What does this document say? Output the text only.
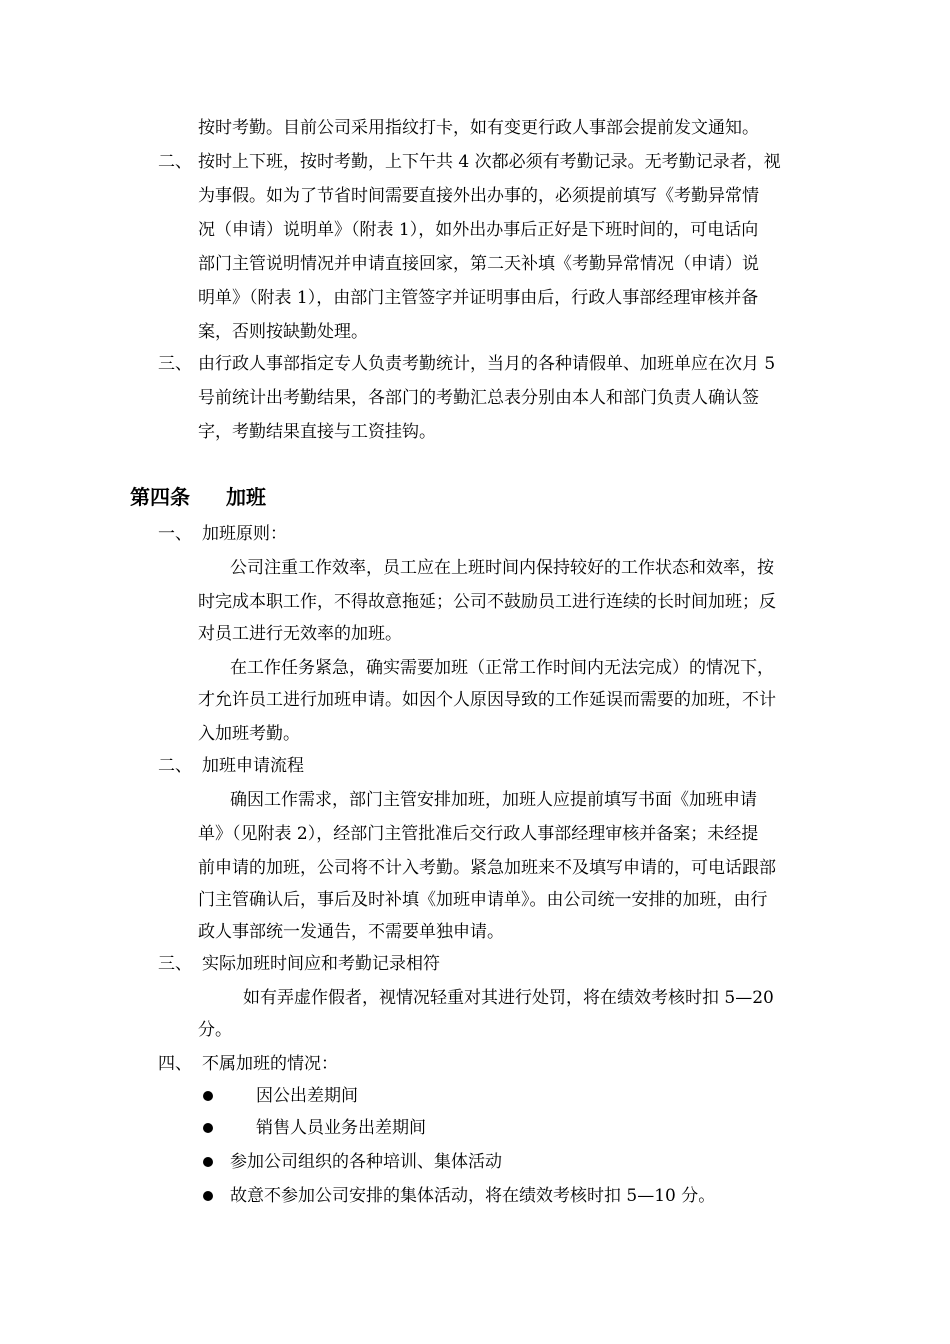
按时考勤。目前公司采用指纹打卡，如有变更行政人事部会提前发文通知。
二、 按时上下班，按时考勤，上下午共 4 次都必须有考勤记录。无考勤记录者，视
为事假。如为了节省时间需要直接外出办事的，必须提前填写《考勤异常情
况（申请）说明单》（附表 1），如外出办事后正好是下班时间的，可电话向
部门主管说明情况并申请直接回家，第二天补填《考勤异常情况（申请）说
明单》（附表 1），由部门主管签字并证明事由后，行政人事部经理审核并备
案，否则按缺勤处理。
三、 由行政人事部指定专人负责考勤统计，当月的各种请假单、加班单应在次月 5
号前统计出考勤结果，各部门的考勤汇总表分别由本人和部门负责人确认签
字，考勤结果直接与工资挂钩。
第四条 加班
一、 加班原则：
公司注重工作效率，员工应在上班时间内保持较好的工作状态和效率，按
时完成本职工作，不得故意拖延；公司不鼓励员工进行连续的长时间加班；反
对员工进行无效率的加班。
在工作任务紧急，确实需要加班（正常工作时间内无法完成）的情况下，
才允许员工进行加班申请。如因个人原因导致的工作延误而需要的加班，不计
入加班考勤。
二、 加班申请流程
确因工作需求，部门主管安排加班，加班人应提前填写书面《加班申请
单》（见附表 2），经部门主管批准后交行政人事部经理审核并备案；未经提
前申请的加班，公司将不计入考勤。紧急加班来不及填写申请的，可电话跟部
门主管确认后，事后及时补填《加班申请单》。由公司统一安排的加班，由行
政人事部统一发通告，不需要单独申请。
三、 实际加班时间应和考勤记录相符
如有弄虚作假者，视情况轻重对其进行处罚，将在绩效考核时扣 5—20
分。
四、 不属加班的情况：
因公出差期间
销售人员业务出差期间
参加公司组织的各种培训、集体活动
故意不参加公司安排的集体活动，将在绩效考核时扣 5—10 分。
